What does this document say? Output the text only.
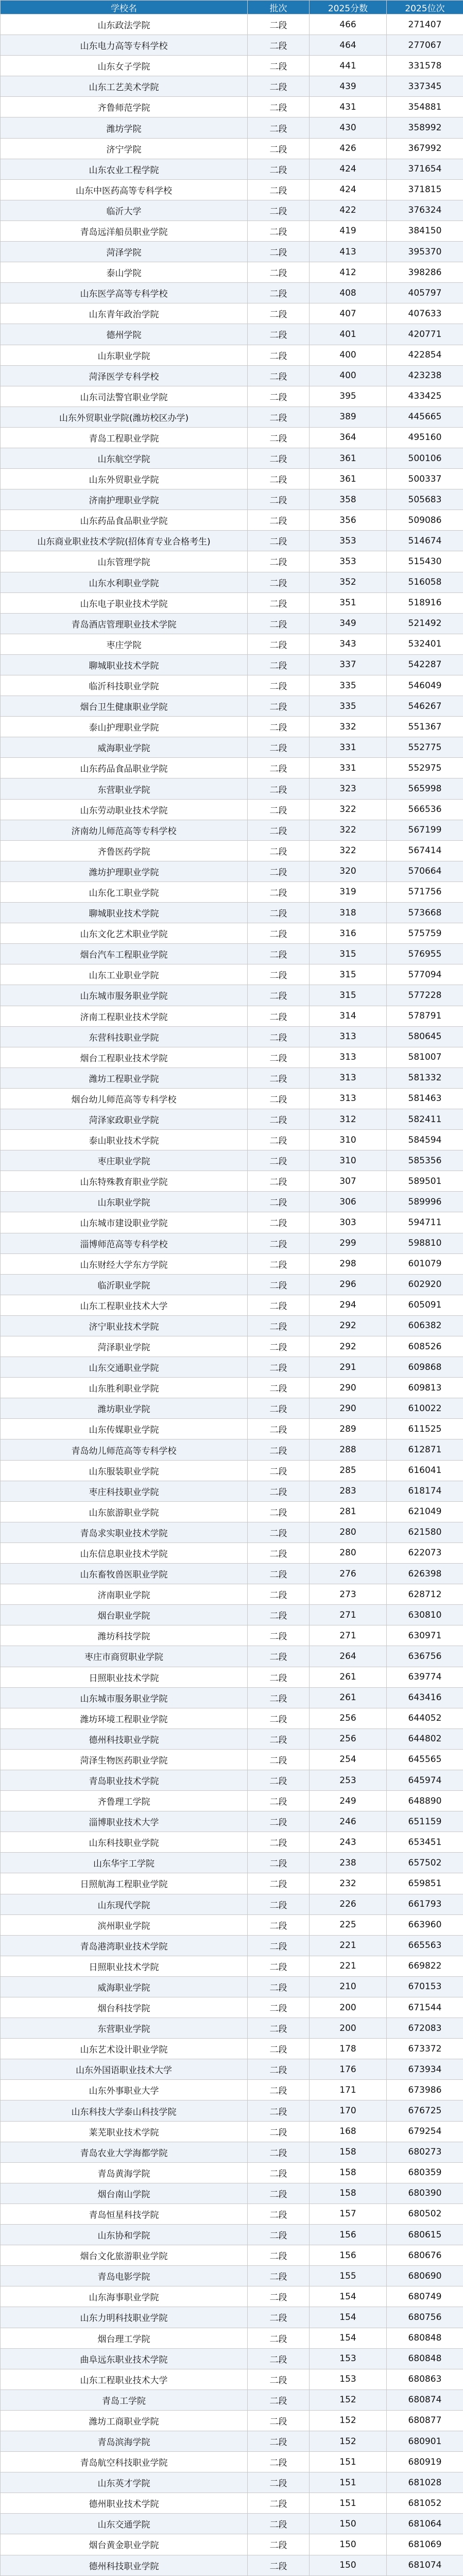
学校名	批次	2025分数	2025位次
山东政法学院	二段	466	271407
山东电力高等专科学校	二段	464	277067
山东女子学院	二段	441	331578
山东工艺美术学院	二段	439	337345
齐鲁师范学院	二段	431	354881
潍坊学院	二段	430	358992
济宁学院	二段	426	367992
山东农业工程学院	二段	424	371654
山东中医药高等专科学校	二段	424	371815
临沂大学	二段	422	376324
青岛远洋船员职业学院	二段	419	384150
菏泽学院	二段	413	395370
泰山学院	二段	412	398286
山东医学高等专科学校	二段	408	405797
山东青年政治学院	二段	407	407633
德州学院	二段	401	420771
山东职业学院	二段	400	422854
菏泽医学专科学校	二段	400	423238
山东司法警官职业学院	二段	395	433425
山东外贸职业学院(潍坊校区办学)	二段	389	445665
青岛工程职业学院	二段	364	495160
山东航空学院	二段	361	500106
山东外贸职业学院	二段	361	500337
济南护理职业学院	二段	358	505683
山东药品食品职业学院	二段	356	509086
山东商业职业技术学院(招体育专业合格考生)	二段	353	514674
山东管理学院	二段	353	515430
山东水利职业学院	二段	352	516058
山东电子职业技术学院	二段	351	518916
青岛酒店管理职业技术学院	二段	349	521492
枣庄学院	二段	343	532401
聊城职业技术学院	二段	337	542287
临沂科技职业学院	二段	335	546049
烟台卫生健康职业学院	二段	335	546267
泰山护理职业学院	二段	332	551367
威海职业学院	二段	331	552775
山东药品食品职业学院	二段	331	552975
东营职业学院	二段	323	565998
山东劳动职业技术学院	二段	322	566536
济南幼儿师范高等专科学校	二段	322	567199
齐鲁医药学院	二段	322	567414
潍坊护理职业学院	二段	320	570664
山东化工职业学院	二段	319	571756
聊城职业技术学院	二段	318	573668
山东文化艺术职业学院	二段	316	575759
烟台汽车工程职业学院	二段	315	576955
山东工业职业学院	二段	315	577094
山东城市服务职业学院	二段	315	577228
济南工程职业技术学院	二段	314	578791
东营科技职业学院	二段	313	580645
烟台工程职业技术学院	二段	313	581007
潍坊工程职业学院	二段	313	581332
烟台幼儿师范高等专科学校	二段	313	581463
菏泽家政职业学院	二段	312	582411
泰山职业技术学院	二段	310	584594
枣庄职业学院	二段	310	585356
山东特殊教育职业学院	二段	307	589501
山东职业学院	二段	306	589996
山东城市建设职业学院	二段	303	594711
淄博师范高等专科学校	二段	299	598810
山东财经大学东方学院	二段	298	601079
临沂职业学院	二段	296	602920
山东工程职业技术大学	二段	294	605091
济宁职业技术学院	二段	292	606382
菏泽职业学院	二段	292	608526
山东交通职业学院	二段	291	609868
山东胜利职业学院	二段	290	609813
潍坊职业学院	二段	290	610022
山东传媒职业学院	二段	289	611525
青岛幼儿师范高等专科学校	二段	288	612871
山东服装职业学院	二段	285	616041
枣庄科技职业学院	二段	283	618174
山东旅游职业学院	二段	281	621049
青岛求实职业技术学院	二段	280	621580
山东信息职业技术学院	二段	280	622073
山东畜牧兽医职业学院	二段	276	626398
济南职业学院	二段	273	628712
烟台职业学院	二段	271	630810
潍坊科技学院	二段	271	630971
枣庄市商贸职业学院	二段	264	636756
日照职业技术学院	二段	261	639774
山东城市服务职业学院	二段	261	643416
潍坊环境工程职业学院	二段	256	644052
德州科技职业学院	二段	256	644802
菏泽生物医药职业学院	二段	254	645565
青岛职业技术学院	二段	253	645974
齐鲁理工学院	二段	249	648890
淄博职业技术大学	二段	246	651159
山东科技职业学院	二段	243	653451
山东华宇工学院	二段	238	657502
日照航海工程职业学院	二段	232	659851
山东现代学院	二段	226	661793
滨州职业学院	二段	225	663960
青岛港湾职业技术学院	二段	221	665563
日照职业技术学院	二段	221	669822
威海职业学院	二段	210	670153
烟台科技学院	二段	200	671544
东营职业学院	二段	200	672083
山东艺术设计职业学院	二段	178	673372
山东外国语职业技术大学	二段	176	673934
山东外事职业大学	二段	171	673986
山东科技大学泰山科技学院	二段	170	676725
莱芜职业技术学院	二段	168	679254
青岛农业大学海都学院	二段	158	680273
青岛黄海学院	二段	158	680359
烟台南山学院	二段	158	680390
青岛恒星科技学院	二段	157	680502
山东协和学院	二段	156	680615
烟台文化旅游职业学院	二段	156	680676
青岛电影学院	二段	155	680690
山东海事职业学院	二段	154	680749
山东力明科技职业学院	二段	154	680756
烟台理工学院	二段	154	680848
曲阜远东职业技术学院	二段	153	680848
山东工程职业技术大学	二段	153	680863
青岛工学院	二段	152	680874
潍坊工商职业学院	二段	152	680877
青岛滨海学院	二段	152	680901
青岛航空科技职业学院	二段	151	680919
山东英才学院	二段	151	681028
德州职业技术学院	二段	151	681052
山东交通学院	二段	150	681064
烟台黄金职业学院	二段	150	681069
德州科技职业学院	二段	150	681074
